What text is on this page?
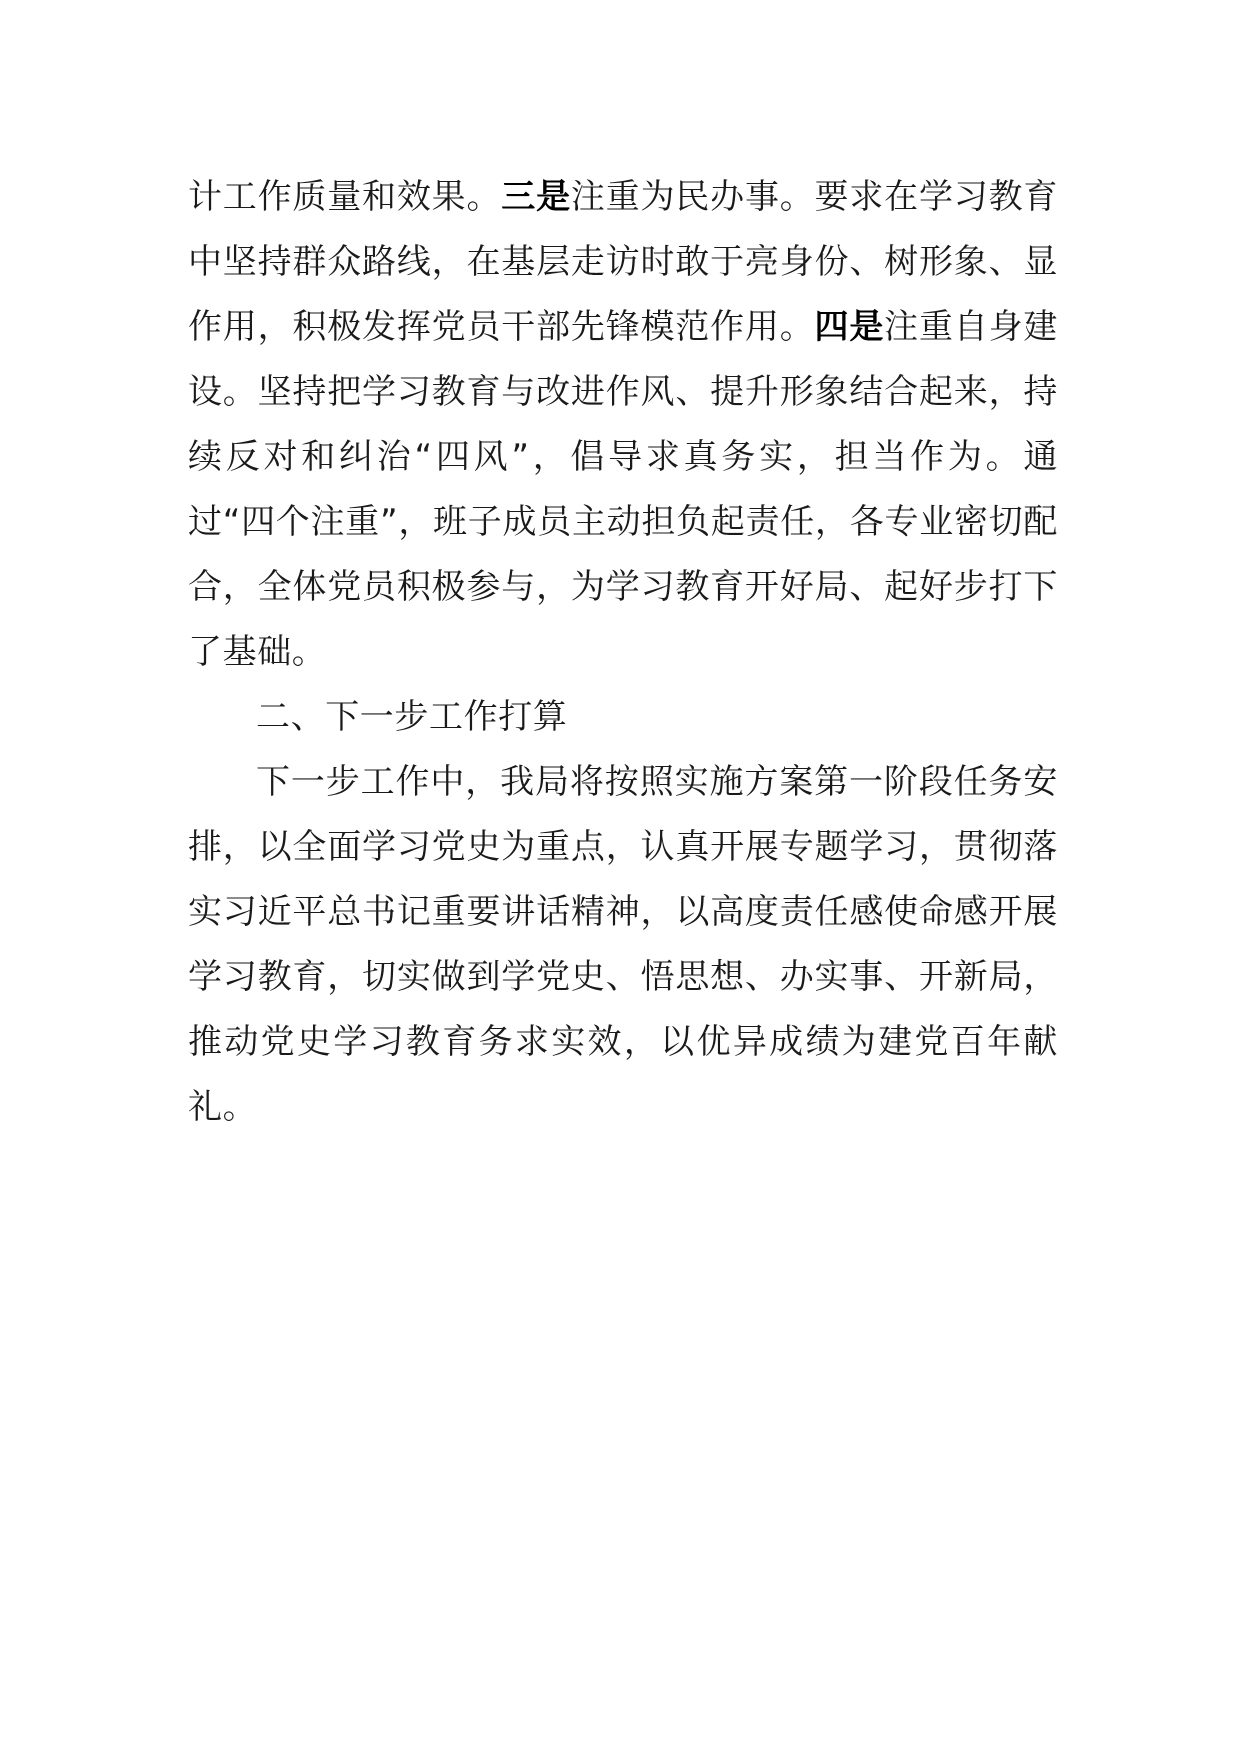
计工作质量和效果。三是注重为民办事。要求在学习教育中坚持群众路线，在基层走访时敢于亮身份、树形象、显作用，积极发挥党员干部先锋模范作用。四是注重自身建设。坚持把学习教育与改进作风、提升形象结合起来，持续反对和纠治“四风”，倡导求真务实，担当作为。通过“四个注重”，班子成员主动担负起责任，各专业密切配合，全体党员积极参与，为学习教育开好局、起好步打下了基础。

二、下一步工作打算

下一步工作中，我局将按照实施方案第一阶段任务安排，以全面学习党史为重点，认真开展专题学习，贯彻落实习近平总书记重要讲话精神，以高度责任感使命感开展学习教育，切实做到学党史、悟思想、办实事、开新局，推动党史学习教育务求实效，以优异成绩为建党百年献礼。
